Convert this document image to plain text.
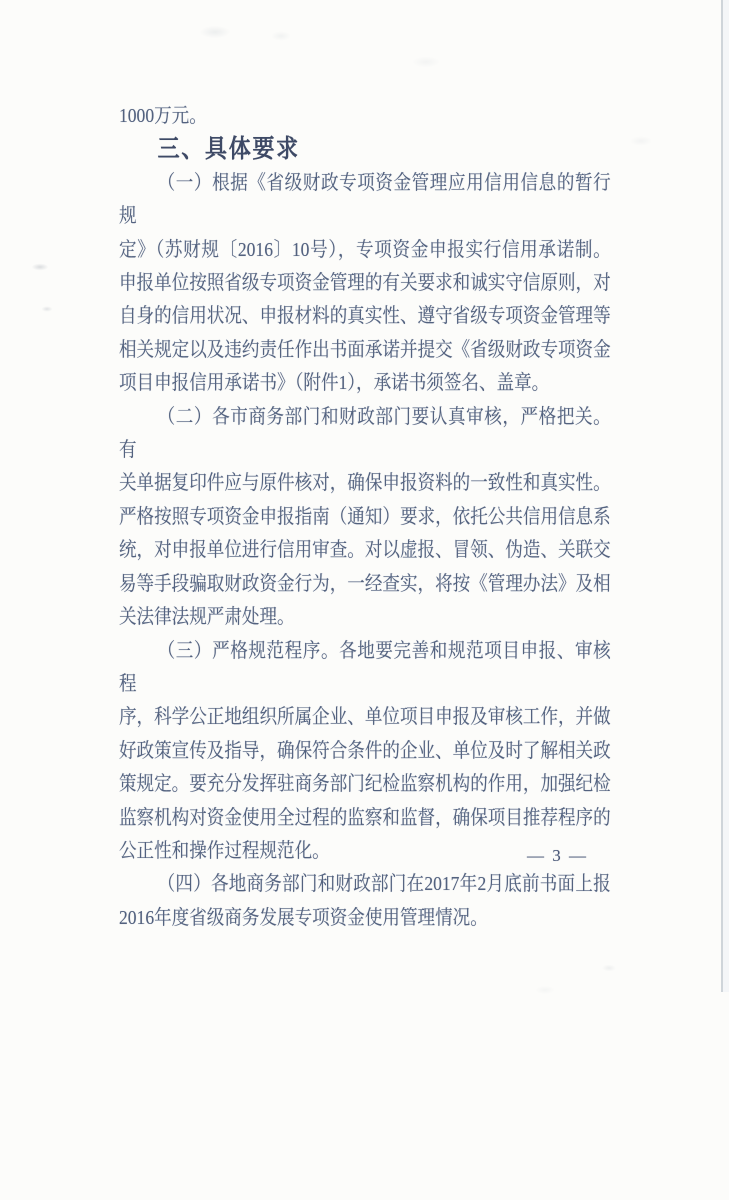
1000万元。
三、具体要求
（一）根据《省级财政专项资金管理应用信用信息的暂行规
定》（苏财规〔2016〕10号），专项资金申报实行信用承诺制。
申报单位按照省级专项资金管理的有关要求和诚实守信原则，对
自身的信用状况、申报材料的真实性、遵守省级专项资金管理等
相关规定以及违约责任作出书面承诺并提交《省级财政专项资金
项目申报信用承诺书》（附件1），承诺书须签名、盖章。
（二）各市商务部门和财政部门要认真审核，严格把关。有
关单据复印件应与原件核对，确保申报资料的一致性和真实性。
严格按照专项资金申报指南（通知）要求，依托公共信用信息系
统，对申报单位进行信用审查。对以虚报、冒领、伪造、关联交
易等手段骗取财政资金行为，一经查实，将按《管理办法》及相
关法律法规严肃处理。
（三）严格规范程序。各地要完善和规范项目申报、审核程
序，科学公正地组织所属企业、单位项目申报及审核工作，并做
好政策宣传及指导，确保符合条件的企业、单位及时了解相关政
策规定。要充分发挥驻商务部门纪检监察机构的作用，加强纪检
监察机构对资金使用全过程的监察和监督，确保项目推荐程序的
公正性和操作过程规范化。
（四）各地商务部门和财政部门在2017年2月底前书面上报
2016年度省级商务发展专项资金使用管理情况。
— 3 —
